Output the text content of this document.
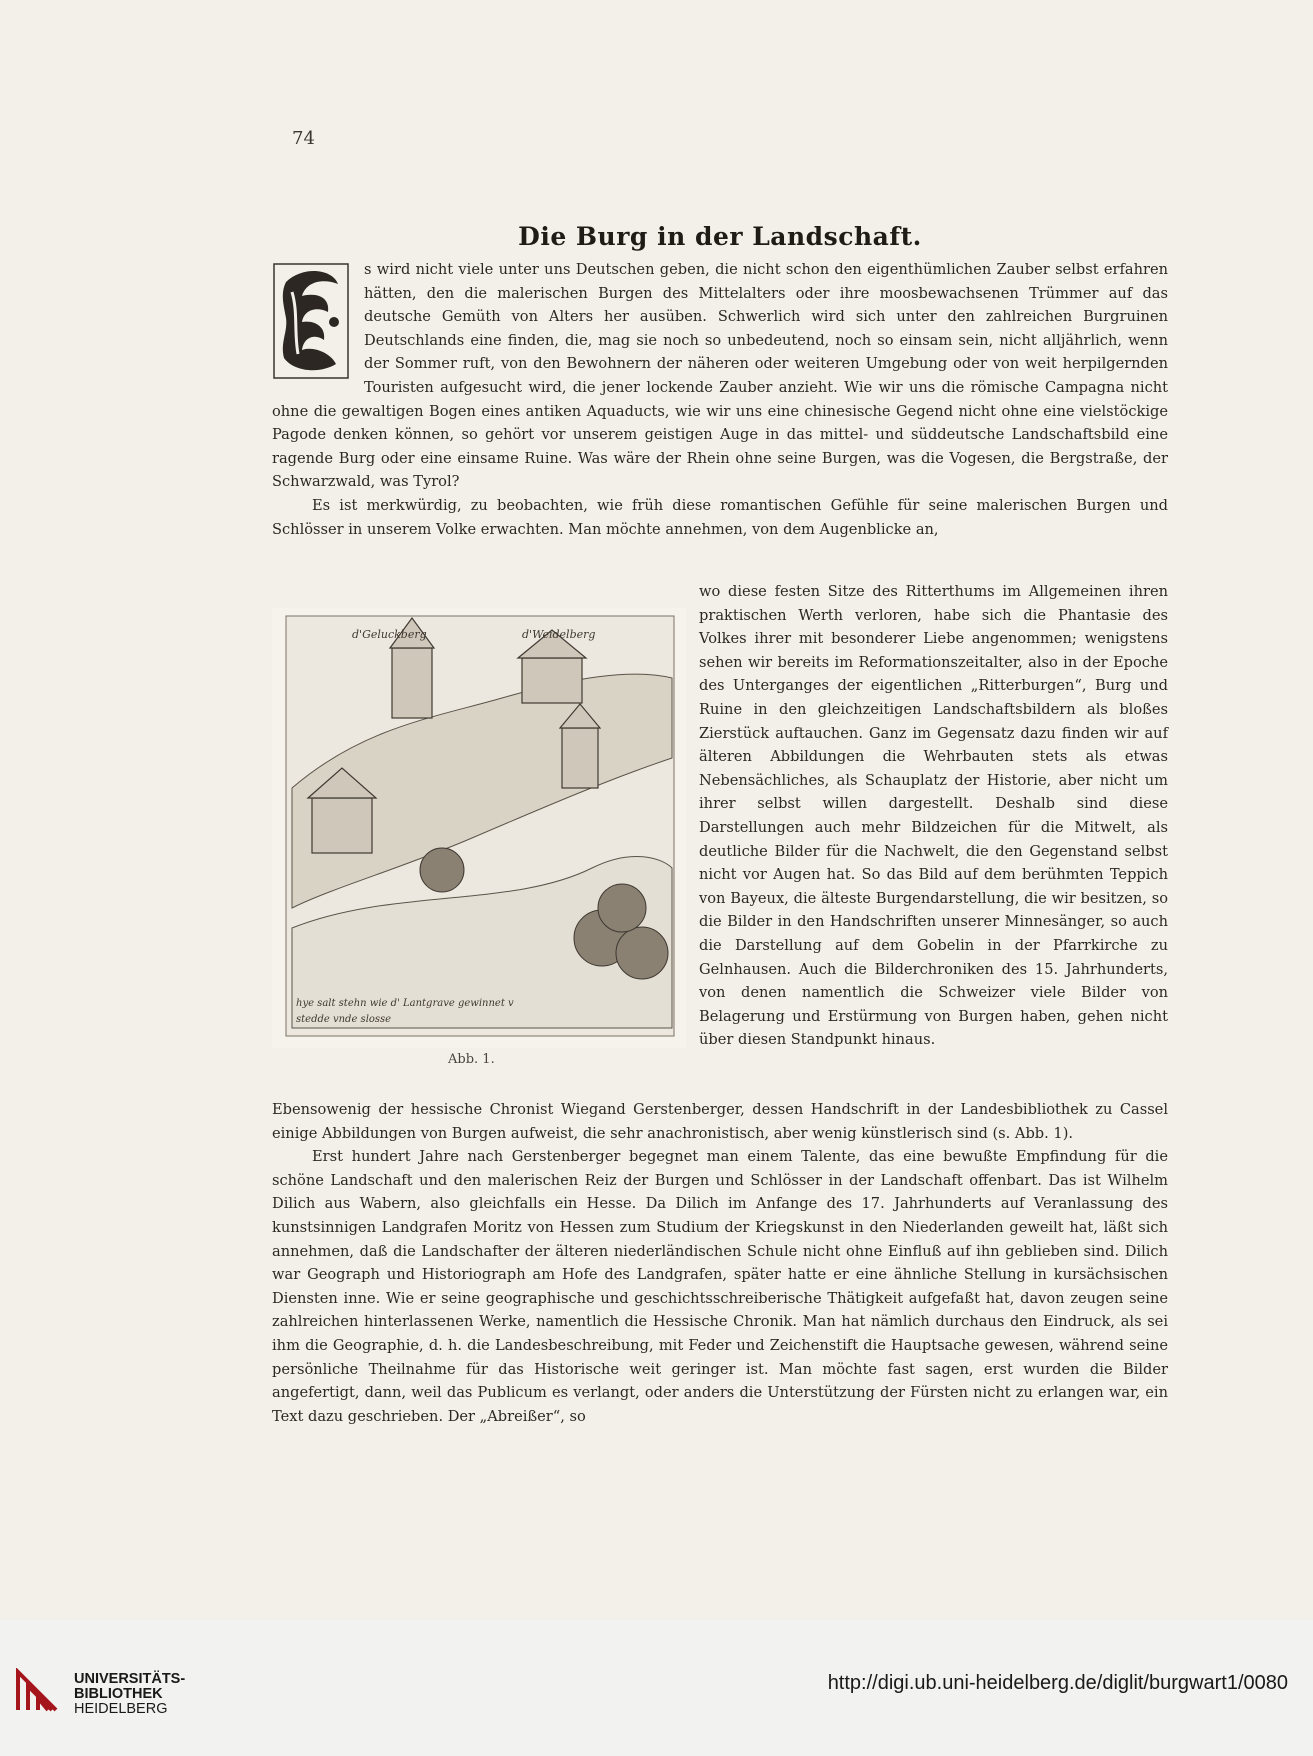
74
Die Burg in der Landschaft.

s wird nicht viele unter uns Deutschen geben, die nicht schon den eigenthümlichen Zauber selbst erfahren hätten, den die malerischen Burgen des Mittelalters oder ihre moosbewachsenen Trümmer auf das deutsche Gemüth von Alters her ausüben. Schwerlich wird sich unter den zahlreichen Burgruinen Deutschlands eine finden, die, mag sie noch so unbedeutend, noch so einsam sein, nicht alljährlich, wenn der Sommer ruft, von den Bewohnern der näheren oder weiteren Umgebung oder von weit herpilgernden Touristen aufgesucht wird, die jener lockende Zauber anzieht. Wie wir uns die römische Campagna nicht ohne die gewaltigen Bogen eines antiken Aquaducts, wie wir uns eine chinesische Gegend nicht ohne eine vielstöckige Pagode denken können, so gehört vor unserem geistigen Auge in das mittel- und süddeutsche Landschaftsbild eine ragende Burg oder eine einsame Ruine. Was wäre der Rhein ohne seine Burgen, was die Vogesen, die Bergstraße, der Schwarzwald, was Tyrol?

Es ist merkwürdig, zu beobachten, wie früh diese romantischen Gefühle für seine malerischen Burgen und Schlösser in unserem Volke erwachten. Man möchte annehmen, von dem Augenblicke an,

d'Geluckberg	d'Weidelberg
hye salt stehn wie d' Lantgrave gewinnet v
stedde vnde slosse
Abb. 1.

wo diese festen Sitze des Ritterthums im Allgemeinen ihren praktischen Werth verloren, habe sich die Phantasie des Volkes ihrer mit besonderer Liebe angenommen; wenigstens sehen wir bereits im Reformationszeitalter, also in der Epoche des Unterganges der eigentlichen „Ritterburgen“, Burg und Ruine in den gleichzeitigen Landschaftsbildern als bloßes Zierstück auftauchen. Ganz im Gegensatz dazu finden wir auf älteren Abbildungen die Wehrbauten stets als etwas Nebensächliches, als Schauplatz der Historie, aber nicht um ihrer selbst willen dargestellt. Deshalb sind diese Darstellungen auch mehr Bildzeichen für die Mitwelt, als deutliche Bilder für die Nachwelt, die den Gegenstand selbst nicht vor Augen hat. So das Bild auf dem berühmten Teppich von Bayeux, die älteste Burgendarstellung, die wir besitzen, so die Bilder in den Handschriften unserer Minnesänger, so auch die Darstellung auf dem Gobelin in der Pfarrkirche zu Gelnhausen. Auch die Bilderchroniken des 15. Jahrhunderts, von denen namentlich die Schweizer viele Bilder von Belagerung und Erstürmung von Burgen haben, gehen nicht über diesen Standpunkt hinaus.

Ebensowenig der hessische Chronist Wiegand Gerstenberger, dessen Handschrift in der Landesbibliothek zu Cassel einige Abbildungen von Burgen aufweist, die sehr anachronistisch, aber wenig künstlerisch sind (s. Abb. 1).

Erst hundert Jahre nach Gerstenberger begegnet man einem Talente, das eine bewußte Empfindung für die schöne Landschaft und den malerischen Reiz der Burgen und Schlösser in der Landschaft offenbart. Das ist Wilhelm Dilich aus Wabern, also gleichfalls ein Hesse. Da Dilich im Anfange des 17. Jahrhunderts auf Veranlassung des kunstsinnigen Landgrafen Moritz von Hessen zum Studium der Kriegskunst in den Niederlanden geweilt hat, läßt sich annehmen, daß die Landschafter der älteren niederländischen Schule nicht ohne Einfluß auf ihn geblieben sind. Dilich war Geograph und Historiograph am Hofe des Landgrafen, später hatte er eine ähnliche Stellung in kursächsischen Diensten inne. Wie er seine geographische und geschichtsschreiberische Thätigkeit aufgefaßt hat, davon zeugen seine zahlreichen hinterlassenen Werke, namentlich die Hessische Chronik. Man hat nämlich durchaus den Eindruck, als sei ihm die Geographie, d. h. die Landesbeschreibung, mit Feder und Zeichenstift die Hauptsache gewesen, während seine persönliche Theilnahme für das Historische weit geringer ist. Man möchte fast sagen, erst wurden die Bilder angefertigt, dann, weil das Publicum es verlangt, oder anders die Unterstützung der Fürsten nicht zu erlangen war, ein Text dazu geschrieben. Der „Abreißer“, so

UNIVERSITÄTS-
BIBLIOTHEK
HEIDELBERG
http://digi.ub.uni-heidelberg.de/diglit/burgwart1/0080
